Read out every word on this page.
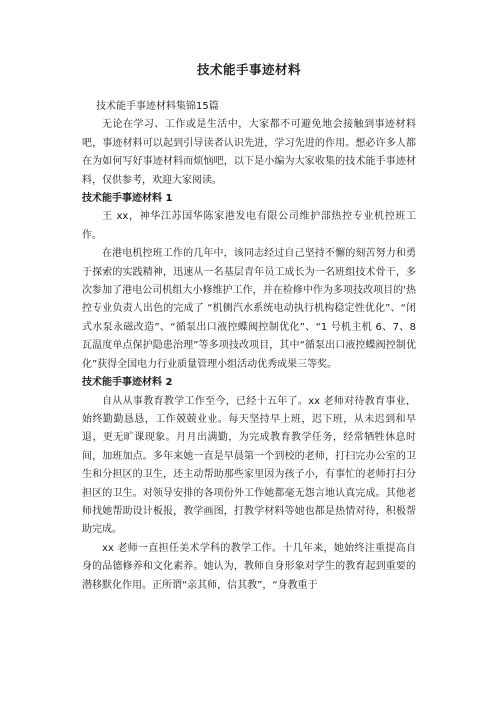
技术能手事迹材料

技术能手事迹材料集锦15篇

无论在学习、工作或是生活中，大家都不可避免地会接触到事迹材料吧，事迹材料可以起到引导读者认识先进，学习先进的作用。想必许多人都在为如何写好事迹材料而烦恼吧，以下是小编为大家收集的技术能手事迹材料，仅供参考，欢迎大家阅读。

技术能手事迹材料 1

王 xx，神华江苏国华陈家港发电有限公司维护部热控专业机控班工作。

在港电机控班工作的几年中，该同志经过自己坚持不懈的刻苦努力和勇于探索的实践精神，迅速从一名基层青年员工成长为一名班组技术骨干，多次参加了港电公司机组大小修维护工作，并在检修中作为多项技改项目的'热控专业负责人出色的完成了 “机侧汽水系统电动执行机构稳定性优化”、“闭式水泵永磁改造”、“循泵出口液控蝶阀控制优化”、“1 号机主机 6、7、8 瓦温度单点保护隐患治理”等多项技改项目，其中“循泵出口液控蝶阀控制优化”获得全国电力行业质量管理小组活动优秀成果三等奖。

技术能手事迹材料 2

自从从事教育教学工作至今，已经十五年了。xx 老师对待教育事业，始终勤勤恳恳，工作兢兢业业。每天坚持早上班，迟下班，从未迟到和早退，更无旷课现象。月月出满勤，为完成教育教学任务，经常牺牲休息时间，加班加点。多年来她一直是早晨第一个到校的老师，打扫完办公室的卫生和分担区的卫生，还主动帮助那些家里因为孩子小，有事忙的老师打扫分担区的卫生。对领导安排的各项份外工作她都毫无怨言地认真完成。其他老师找她帮助设计板报，教学画图，打教学材料等她也都是热情对待，积极帮助完成。

xx 老师一直担任美术学科的教学工作。十几年来，她始终注重提高自身的品德修养和文化素养。她认为，教师自身形象对学生的教育起到重要的潜移默化作用。正所谓“亲其师，信其教”，“身教重于
